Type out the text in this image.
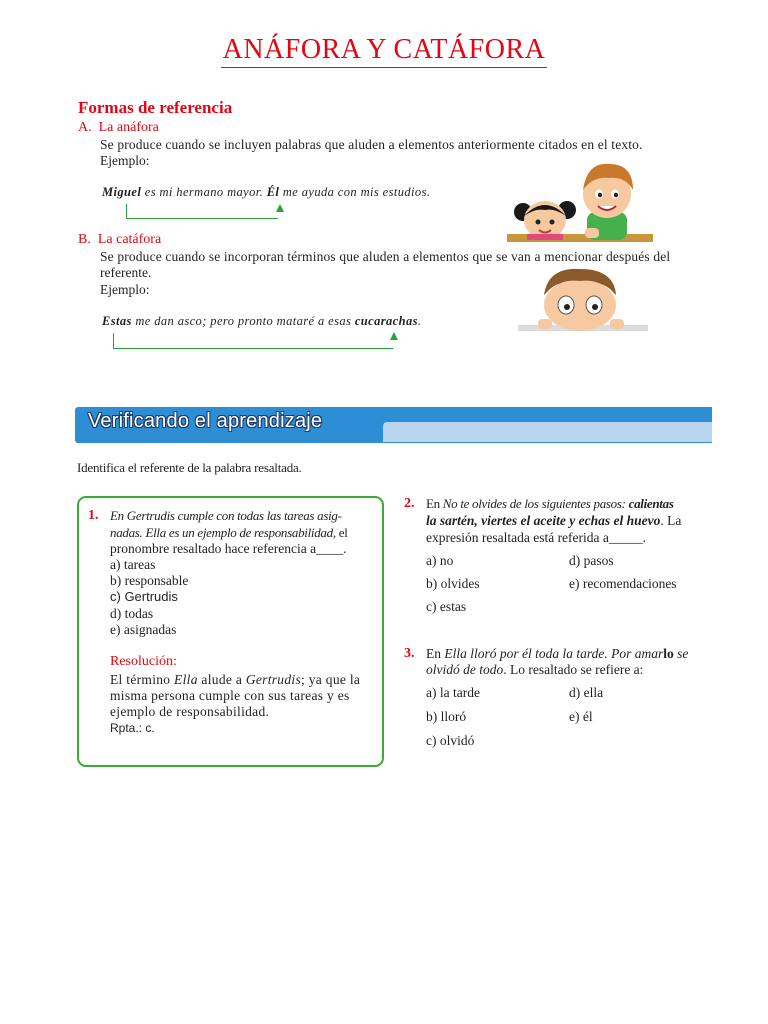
ANÁFORA Y CATÁFORA
Formas de referencia
A. La anáfora
Se produce cuando se incluyen palabras que aluden a elementos anteriormente citados en el texto.
Ejemplo:
Miguel es mi hermano mayor. Él me ayuda con mis estudios.
B. La catáfora
Se produce cuando se incorporan términos que aluden a elementos que se van a mencionar después del
referente.
Ejemplo:
Estas me dan asco; pero pronto mataré a esas cucarachas.
Verificando el aprendizaje
Identifica el referente de la palabra resaltada.
1. En Gertrudis cumple con todas las tareas asig-
nadas. Ella es un ejemplo de responsabilidad, el
pronombre resaltado hace referencia a____.
a) tareas
b) responsable
c) Gertrudis
d) todas
e) asignadas
Resolución:
El término Ella alude a Gertrudis; ya que la
misma persona cumple con sus tareas y es
ejemplo de responsabilidad.
Rpta.: c.
2. En No te olvides de los siguientes pasos: calientas
la sartén, viertes el aceite y echas el huevo. La
expresión resaltada está referida a_____.
a) no
b) olvides
c) estas
d) pasos
e) recomendaciones
3. En Ella lloró por él toda la tarde. Por amarlo se
olvidó de todo. Lo resaltado se refiere a:
a) la tarde
b) lloró
c) olvidó
d) ella
e) él
